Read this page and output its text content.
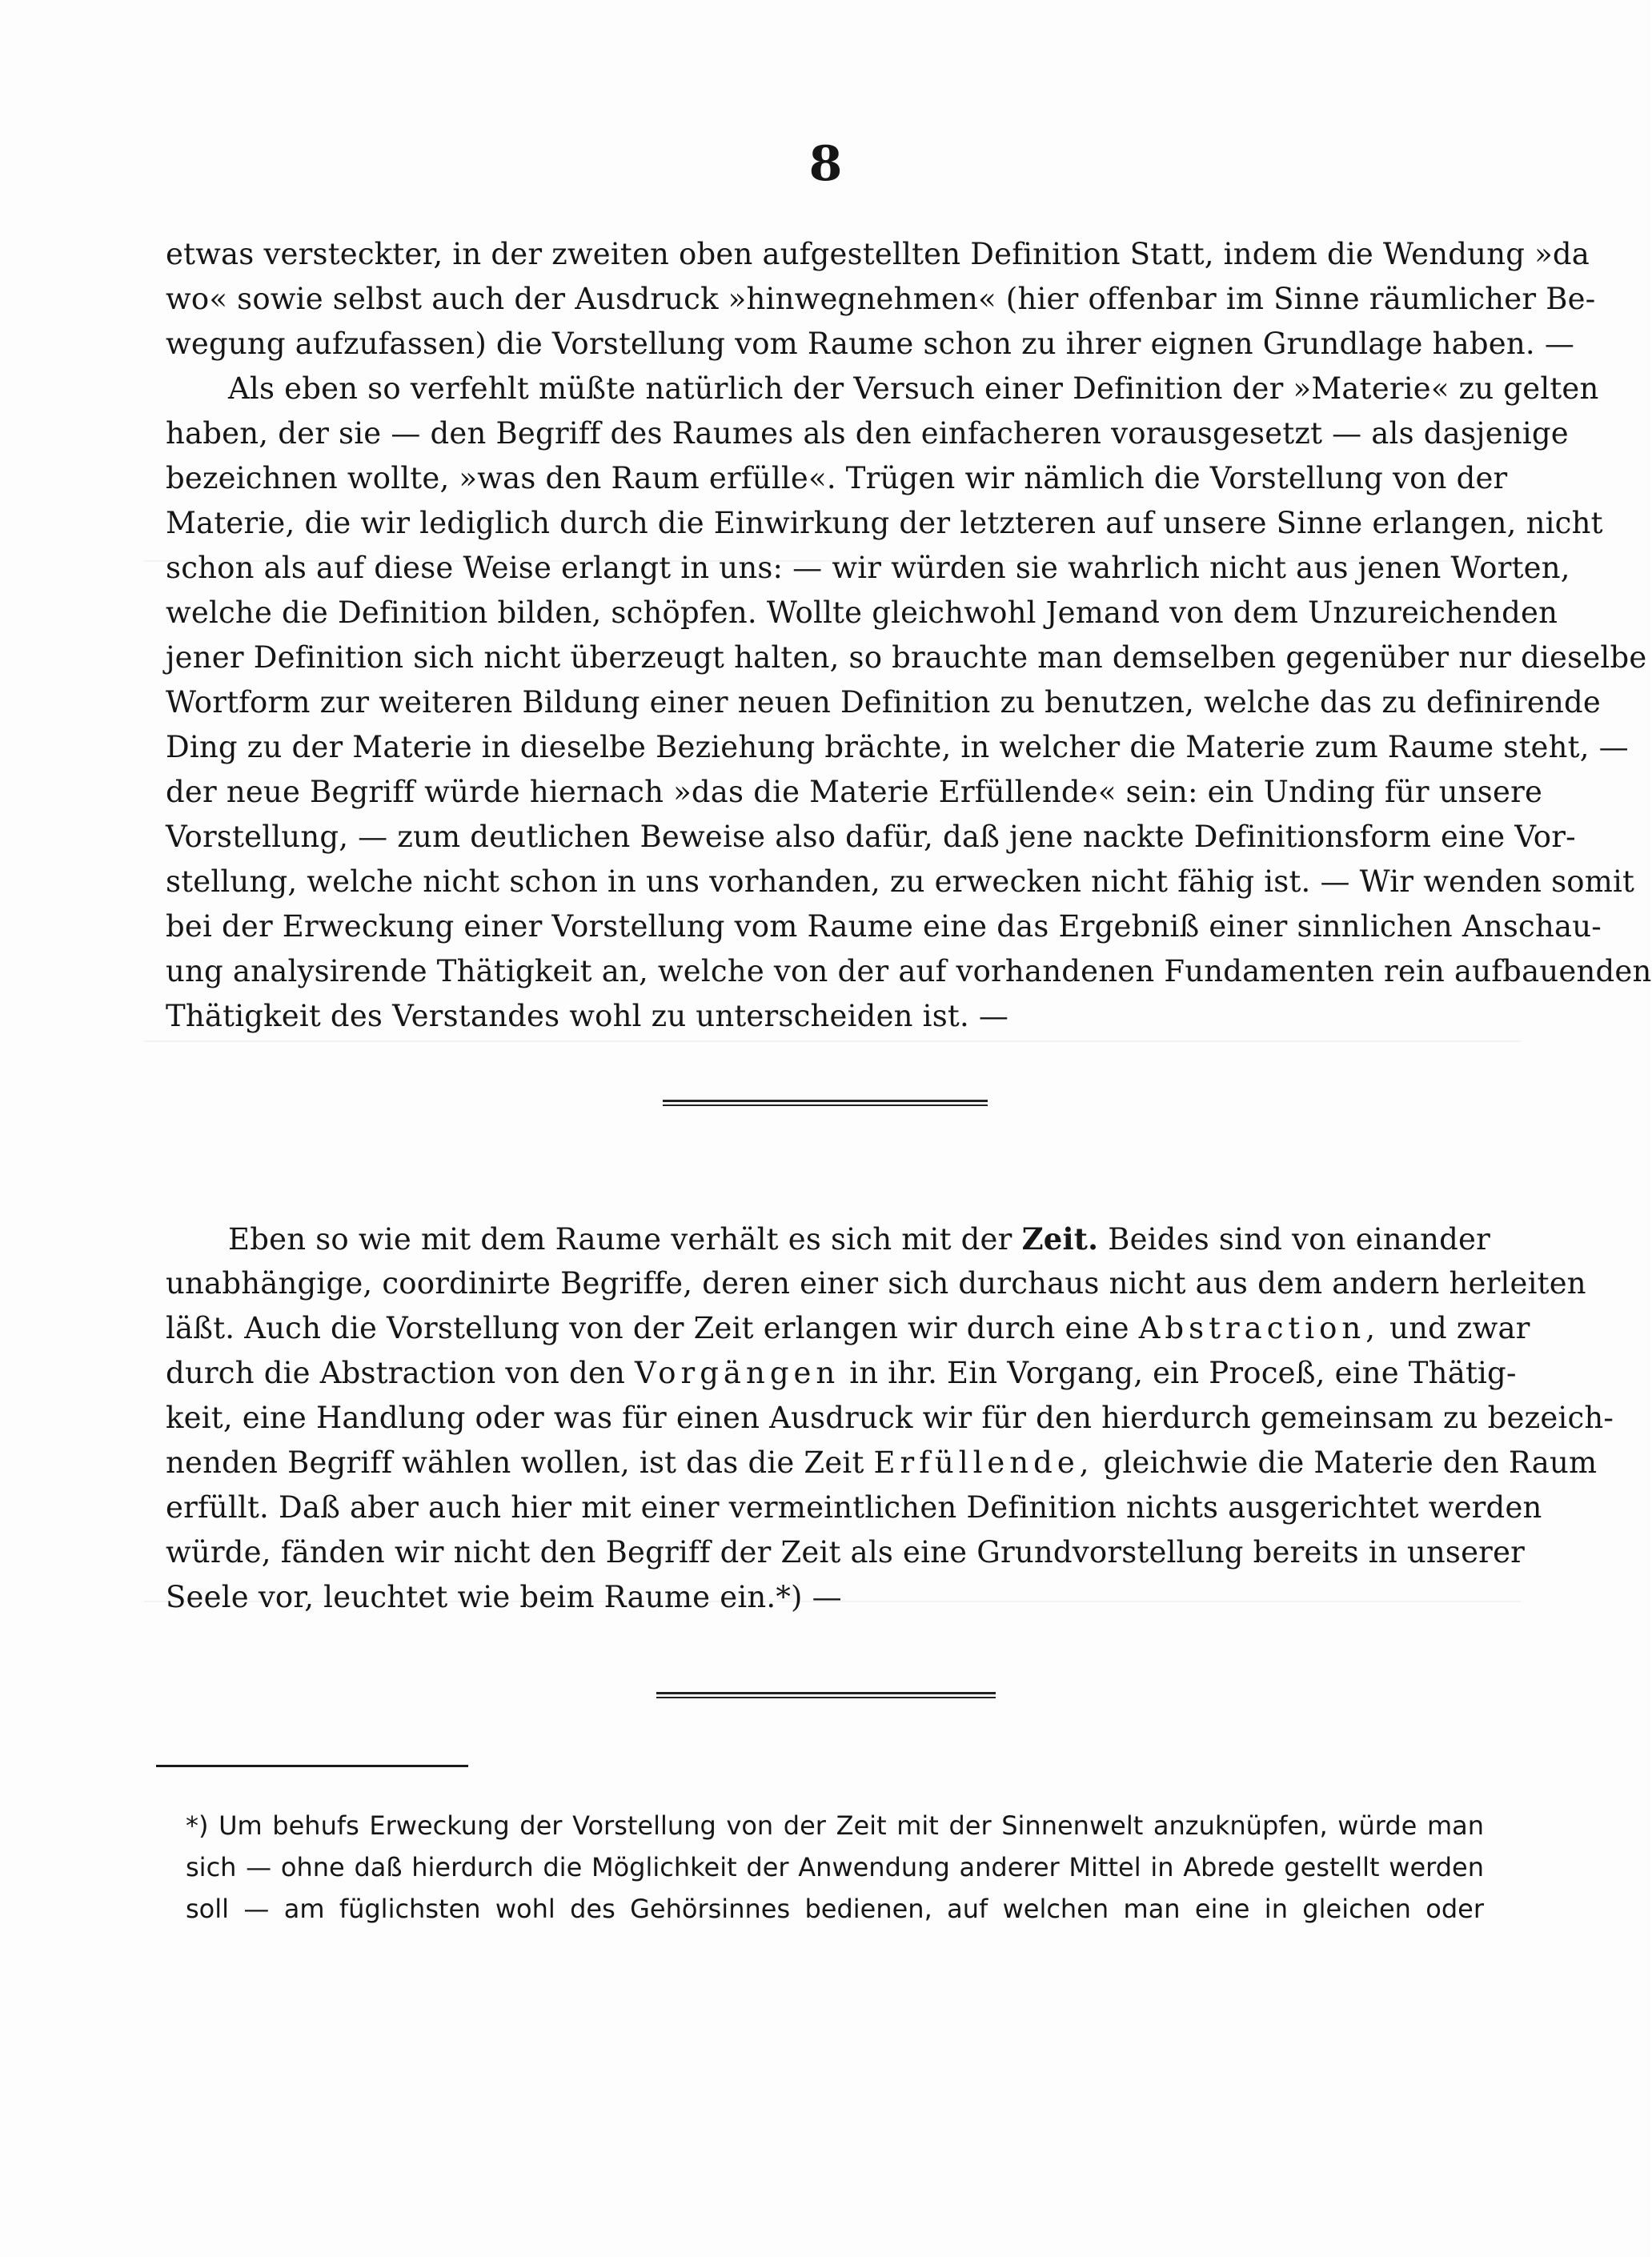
8
etwas versteckter, in der zweiten oben aufgestellten Definition Statt, indem die Wendung »da
wo« sowie selbst auch der Ausdruck »hinwegnehmen« (hier offenbar im Sinne räumlicher Be-
wegung aufzufassen) die Vorstellung vom Raume schon zu ihrer eignen Grundlage haben. —
Als eben so verfehlt müßte natürlich der Versuch einer Definition der »Materie« zu gelten
haben, der sie — den Begriff des Raumes als den einfacheren vorausgesetzt — als dasjenige
bezeichnen wollte, »was den Raum erfülle«. Trügen wir nämlich die Vorstellung von der
Materie, die wir lediglich durch die Einwirkung der letzteren auf unsere Sinne erlangen, nicht
schon als auf diese Weise erlangt in uns: — wir würden sie wahrlich nicht aus jenen Worten,
welche die Definition bilden, schöpfen. Wollte gleichwohl Jemand von dem Unzureichenden
jener Definition sich nicht überzeugt halten, so brauchte man demselben gegenüber nur dieselbe
Wortform zur weiteren Bildung einer neuen Definition zu benutzen, welche das zu definirende
Ding zu der Materie in dieselbe Beziehung brächte, in welcher die Materie zum Raume steht, —
der neue Begriff würde hiernach »das die Materie Erfüllende« sein: ein Unding für unsere
Vorstellung, — zum deutlichen Beweise also dafür, daß jene nackte Definitionsform eine Vor-
stellung, welche nicht schon in uns vorhanden, zu erwecken nicht fähig ist. — Wir wenden somit
bei der Erweckung einer Vorstellung vom Raume eine das Ergebniß einer sinnlichen Anschau-
ung analysirende Thätigkeit an, welche von der auf vorhandenen Fundamenten rein aufbauenden
Thätigkeit des Verstandes wohl zu unterscheiden ist. —
Eben so wie mit dem Raume verhält es sich mit der Zeit. Beides sind von einander
unabhängige, coordinirte Begriffe, deren einer sich durchaus nicht aus dem andern herleiten
läßt. Auch die Vorstellung von der Zeit erlangen wir durch eine Abstraction, und zwar
durch die Abstraction von den Vorgängen in ihr. Ein Vorgang, ein Proceß, eine Thätig-
keit, eine Handlung oder was für einen Ausdruck wir für den hierdurch gemeinsam zu bezeich-
nenden Begriff wählen wollen, ist das die Zeit Erfüllende, gleichwie die Materie den Raum
erfüllt. Daß aber auch hier mit einer vermeintlichen Definition nichts ausgerichtet werden
würde, fänden wir nicht den Begriff der Zeit als eine Grundvorstellung bereits in unserer
Seele vor, leuchtet wie beim Raume ein.*) —
*) Um behufs Erweckung der Vorstellung von der Zeit mit der Sinnenwelt anzuknüpfen, würde man
sich — ohne daß hierdurch die Möglichkeit der Anwendung anderer Mittel in Abrede gestellt werden
soll — am füglichsten wohl des Gehörsinnes bedienen, auf welchen man eine in gleichen oder
